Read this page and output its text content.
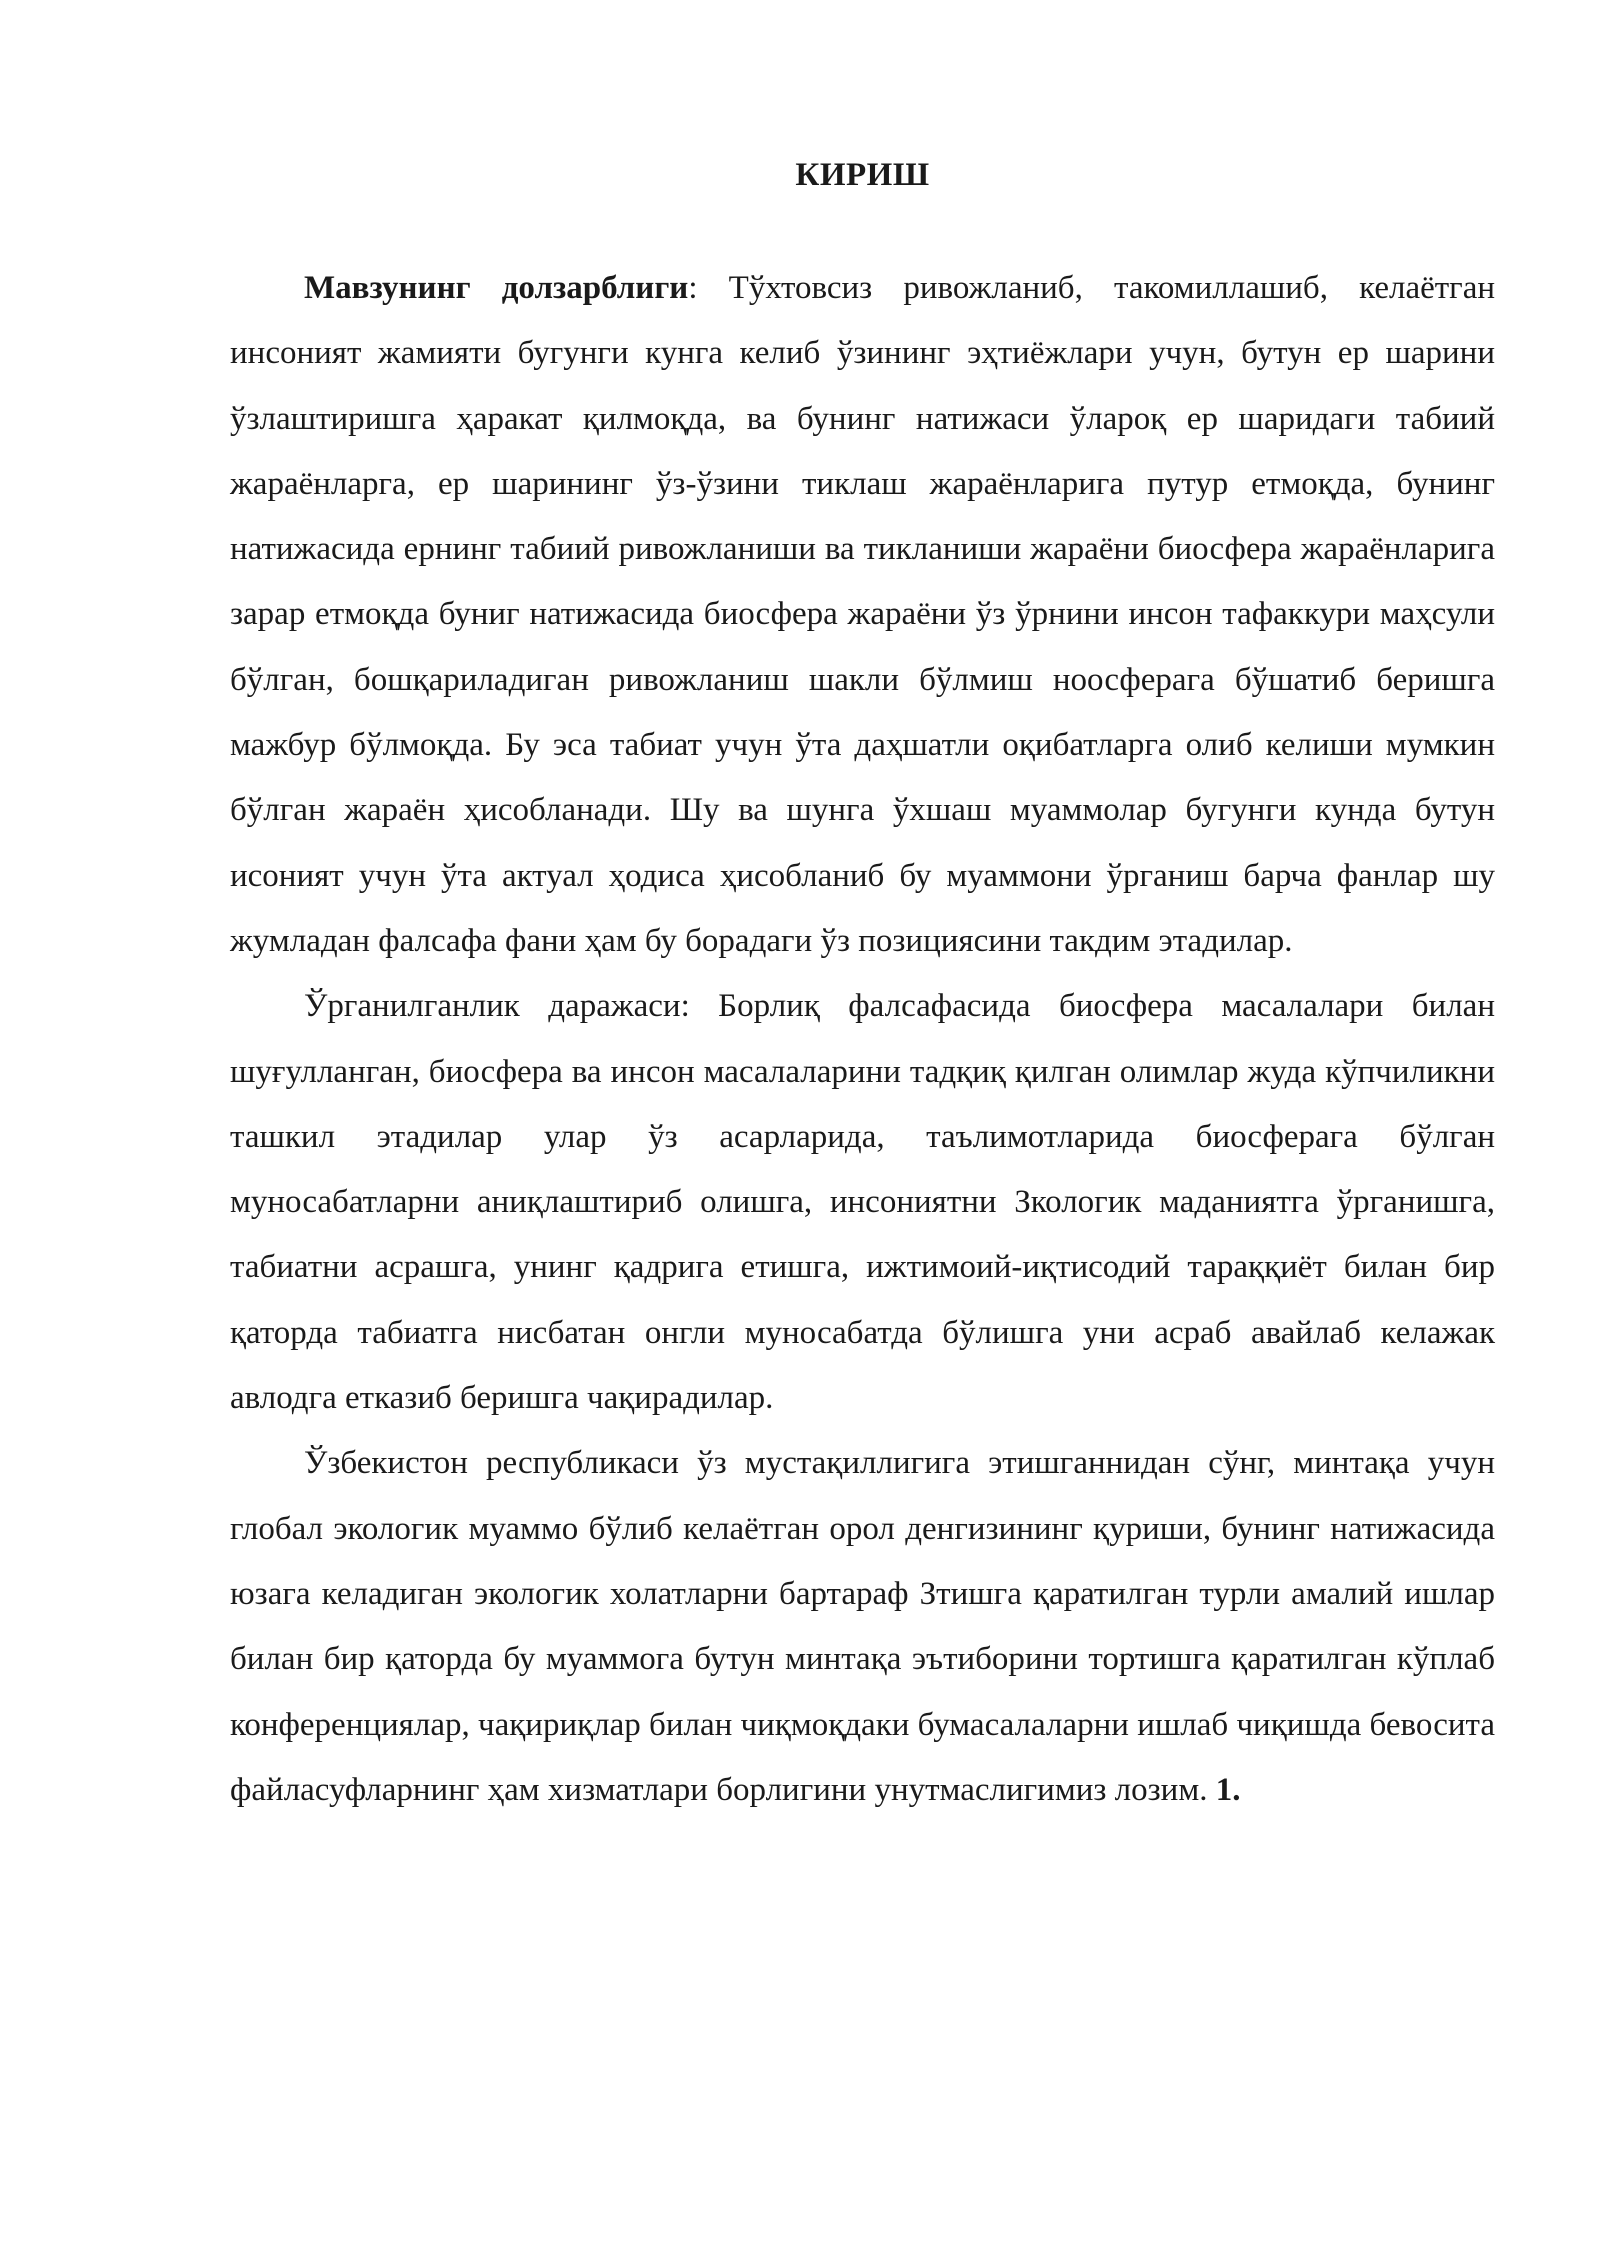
КИРИШ

Мавзунинг долзарблиги: Тўхтовсиз ривожланиб, такомиллашиб, келаётган инсоният жамияти бугунги кунга келиб ўзининг эҳтиёжлари учун, бутун ер шарини ўзлаштиришга ҳаракат қилмоқда, ва бунинг натижаси ўлароқ ер шаридаги табиий жараёнларга, ер шарининг ўз-ўзини тиклаш жараёнларига путур етмоқда, бунинг натижасида ернинг табиий ривожланиши ва тикланиши жараёни биосфера жараёнларига зарар етмоқда буниг натижасида биосфера жараёни ўз ўрнини инсон тафаккури маҳсули бўлган, бошқариладиган ривожланиш шакли бўлмиш ноосферага бўшатиб беришга мажбур бўлмоқда. Бу эса табиат учун ўта даҳшатли оқибатларга олиб келиши мумкин бўлган жараён ҳисобланади. Шу ва шунга ўхшаш муаммолар бугунги кунда бутун исоният учун ўта актуал ҳодиса ҳисобланиб бу муаммони ўрганиш барча фанлар шу жумладан фалсафа фани ҳам бу борадаги ўз позициясини такдим этадилар.

Ўрганилганлик даражаси: Борлиқ фалсафасида биосфера масалалари билан шуғулланган, биосфера ва инсон масалаларини тадқиқ қилган олимлар жуда кўпчиликни ташкил этадилар улар ўз асарларида, таълимотларида биосферага бўлган муносабатларни аниқлаштириб олишга, инсониятни Зкологик маданиятга ўрганишга, табиатни асрашга, унинг қадрига етишга, ижтимоий-иқтисодий тараққиёт билан бир қаторда табиатга нисбатан онгли муносабатда бўлишга уни асраб авайлаб келажак авлодга етказиб беришга чақирадилар.

Ўзбекистон республикаси ўз мустақиллигига этишганнидан сўнг, минтақа учун глобал экологик муаммо бўлиб келаётган орол денгизининг қуриши, бунинг натижасида юзага келадиган экологик холатларни бартараф Зтишга қаратилган турли амалий ишлар билан бир қаторда бу муаммога бутун минтақа эътиборини тортишга қаратилган кўплаб конференциялар, чақириқлар билан чиқмоқдаки бумасалаларни ишлаб чиқишда бевосита файласуфларнинг ҳам хизматлари борлигини унутмаслигимиз лозим. 1.
